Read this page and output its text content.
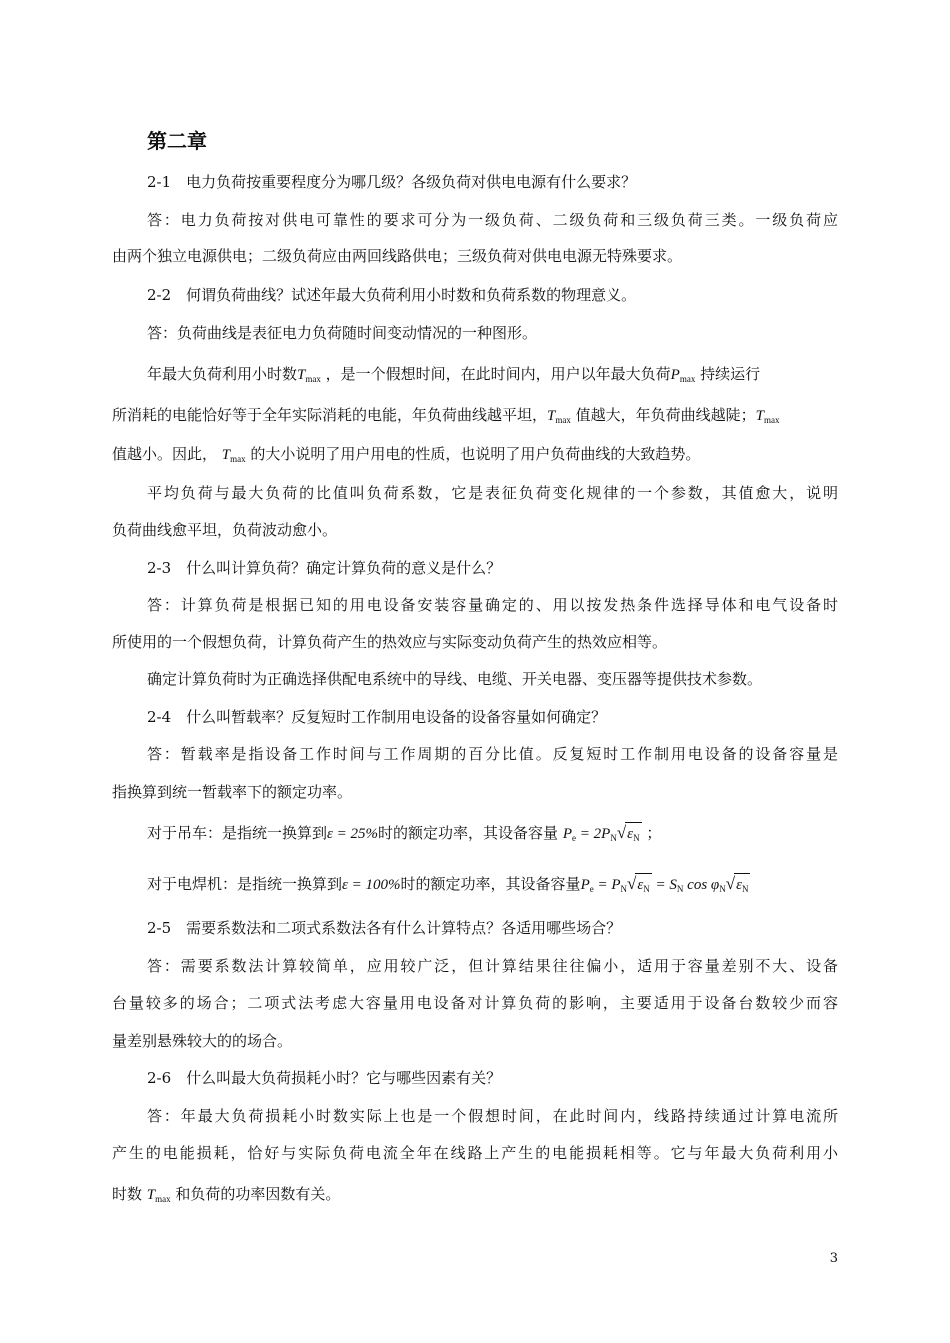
第二章
2-1　电力负荷按重要程度分为哪几级？各级负荷对供电电源有什么要求？
答：电力负荷按对供电可靠性的要求可分为一级负荷、二级负荷和三级负荷三类。一级负荷应
由两个独立电源供电；二级负荷应由两回线路供电；三级负荷对供电电源无特殊要求。
2-2　何谓负荷曲线？试述年最大负荷利用小时数和负荷系数的物理意义。
答：负荷曲线是表征电力负荷随时间变动情况的一种图形。
年最大负荷利用小时数$T_{max}$ ，是一个假想时间，在此时间内，用户以年最大负荷$P_{max}$ 持续运行
所消耗的电能恰好等于全年实际消耗的电能，年负荷曲线越平坦，$T_{max}$ 值越大，年负荷曲线越陡；$T_{max}$
值越小。因此， $T_{max}$ 的大小说明了用户用电的性质，也说明了用户负荷曲线的大致趋势。
平均负荷与最大负荷的比值叫负荷系数，它是表征负荷变化规律的一个参数，其值愈大，说明
负荷曲线愈平坦，负荷波动愈小。
2-3　什么叫计算负荷？确定计算负荷的意义是什么？
答：计算负荷是根据已知的用电设备安装容量确定的、用以按发热条件选择导体和电气设备时
所使用的一个假想负荷，计算负荷产生的热效应与实际变动负荷产生的热效应相等。
确定计算负荷时为正确选择供配电系统中的导线、电缆、开关电器、变压器等提供技术参数。
2-4　什么叫暂载率？反复短时工作制用电设备的设备容量如何确定？
答：暂载率是指设备工作时间与工作周期的百分比值。反复短时工作制用电设备的设备容量是
指换算到统一暂载率下的额定功率。
对于吊车：是指统一换算到ε = 25%时的额定功率，其设备容量 $P_e = 2P_N√\varepsilon_N$ ；
对于电焊机：是指统一换算到ε = 100%时的额定功率，其设备容量$P_e = P_N√\varepsilon_N = S_N$ $\cos \varphi_N√\varepsilon_N$
2-5　需要系数法和二项式系数法各有什么计算特点？各适用哪些场合？
答：需要系数法计算较简单，应用较广泛，但计算结果往往偏小，适用于容量差别不大、设备
台量较多的场合；二项式法考虑大容量用电设备对计算负荷的影响，主要适用于设备台数较少而容
量差别悬殊较大的的场合。
2-6　什么叫最大负荷损耗小时？它与哪些因素有关？
答：年最大负荷损耗小时数实际上也是一个假想时间，在此时间内，线路持续通过计算电流所
产生的电能损耗，恰好与实际负荷电流全年在线路上产生的电能损耗相等。它与年最大负荷利用小
时数 $T_{max}$ 和负荷的功率因数有关。
3
